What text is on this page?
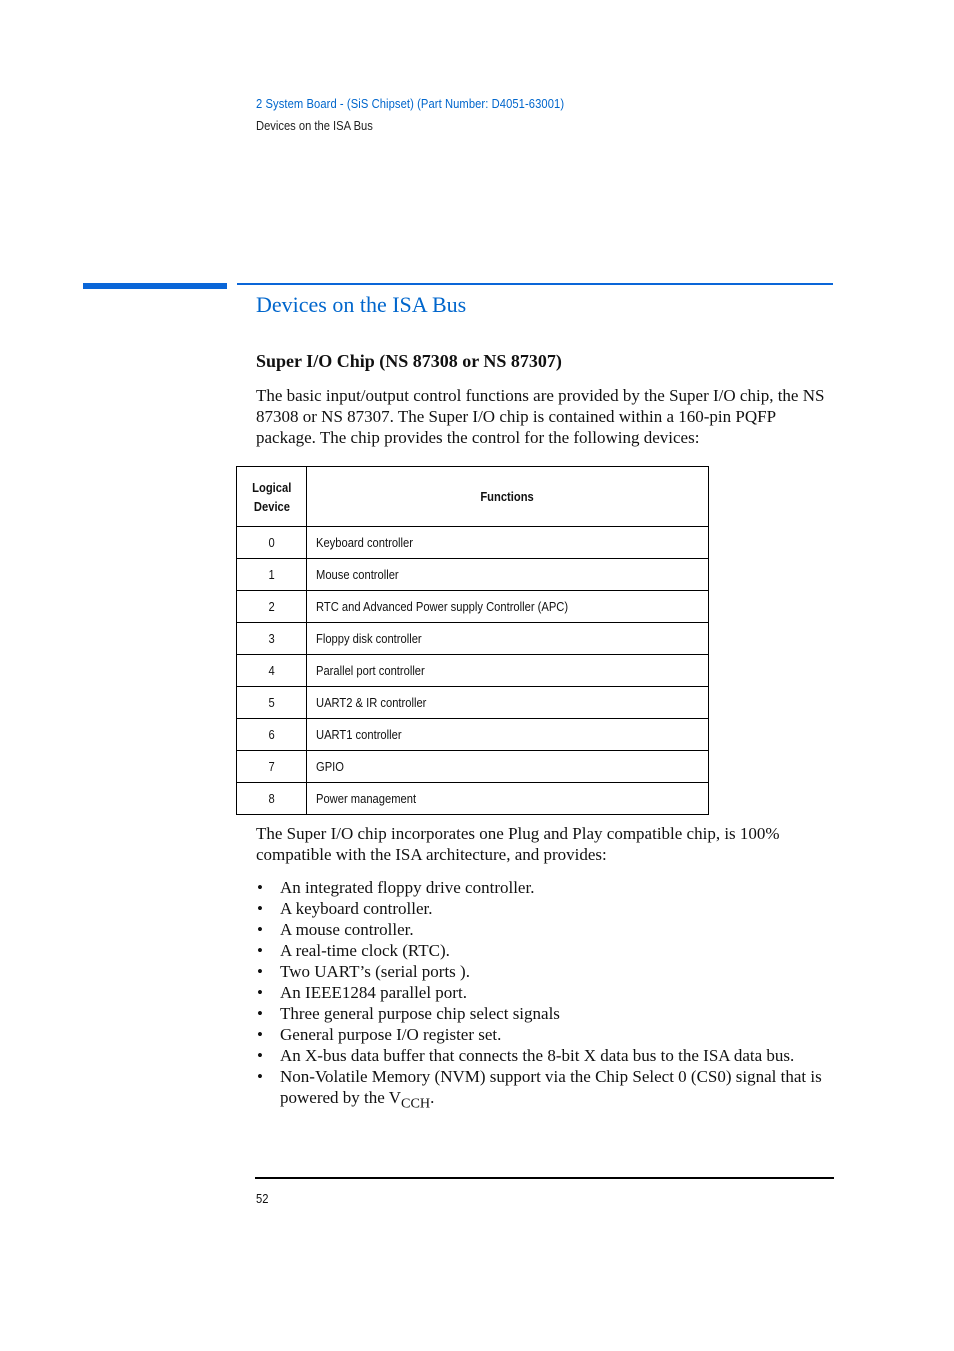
2 System Board - (SiS Chipset) (Part Number: D4051-63001)
Devices on the ISA Bus
Devices on the ISA Bus
Super I/O Chip (NS 87308 or NS 87307)

The basic input/output control functions are provided by the Super I/O chip, the NS 87308 or NS 87307. The Super I/O chip is contained within a 160-pin PQFP package. The chip provides the control for the following devices:

Logical
Device	Functions
0	Keyboard controller
1	Mouse controller
2	RTC and Advanced Power supply Controller (APC)
3	Floppy disk controller
4	Parallel port controller
5	UART2 & IR controller
6	UART1 controller
7	GPIO
8	Power management

The Super I/O chip incorporates one Plug and Play compatible chip, is 100% compatible with the ISA architecture, and provides:

• An integrated floppy drive controller.
• A keyboard controller.
• A mouse controller.
• A real-time clock (RTC).
• Two UART’s (serial ports ).
• An IEEE1284 parallel port.
• Three general purpose chip select signals
• General purpose I/O register set.
• An X-bus data buffer that connects the 8-bit X data bus to the ISA data bus.
• Non-Volatile Memory (NVM) support via the Chip Select 0 (CS0) signal that is powered by the $V_{CCH}$.
52
